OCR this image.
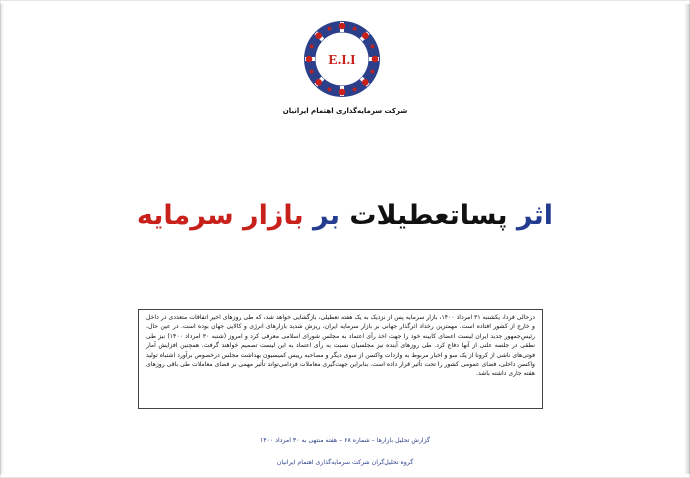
E.I.I
شرکت سرمایه‌گذاری اهتمام ایرانیان
اثر پساتعطیلات بر بازار سرمایه
درحالی فردا، یکشنبه ۳۱ امرداد ۱۴۰۰، بازار سرمایه پس از نزدیک به یک هفته تعطیلی، بازگشایی خواهد شد، که طی روزهای اخیر اتفاقات متعددی در داخل و خارج از کشور افتاده است. مهمترین رخداد اثرگذار جهانی بر بازار سرمایه ایران، ریزش شدید بازارهای انرژی و کالایی جهان بوده است. در عین حال، رئیس‌جمهور جدید ایران لیست اعضای کابینه خود را جهت اخذ رأی اعتماد به مجلس شورای اسلامی معرفی کرد و امروز (شنبه ۳۰ امرداد ۱۴۰۰) نیز طی نطقی در جلسه علنی از آنها دفاع کرد. طی روزهای آینده نیز مجلسیان نسبت به رأی اعتماد به این لیست تصمیم خواهند گرفت. همچنین افزایش آمار فوتی‌های ناشی از کرونا از یک سو و اخبار مربوط به واردات واکسن از سوی دیگر و مصاحبه رییس کمیسیون بهداشت مجلس درخصوص برآورد اشتباه تولید واکسن داخلی، فضای عمومی کشور را تحت تأثیر قرار داده است. بنابراین جهت‌گیری معاملات فردامی‌تواند تأثیر مهمی بر فضای معاملات طی باقی روزهای هفته جاری داشته باشد.
گزارش تحلیل بازارها – شماره ۶۸ – هفته منتهی به ۳۰ امرداد ۱۴۰۰
گروه تحلیل‌گران شرکت سرمایه‌گذاری اهتمام ایرانیان
